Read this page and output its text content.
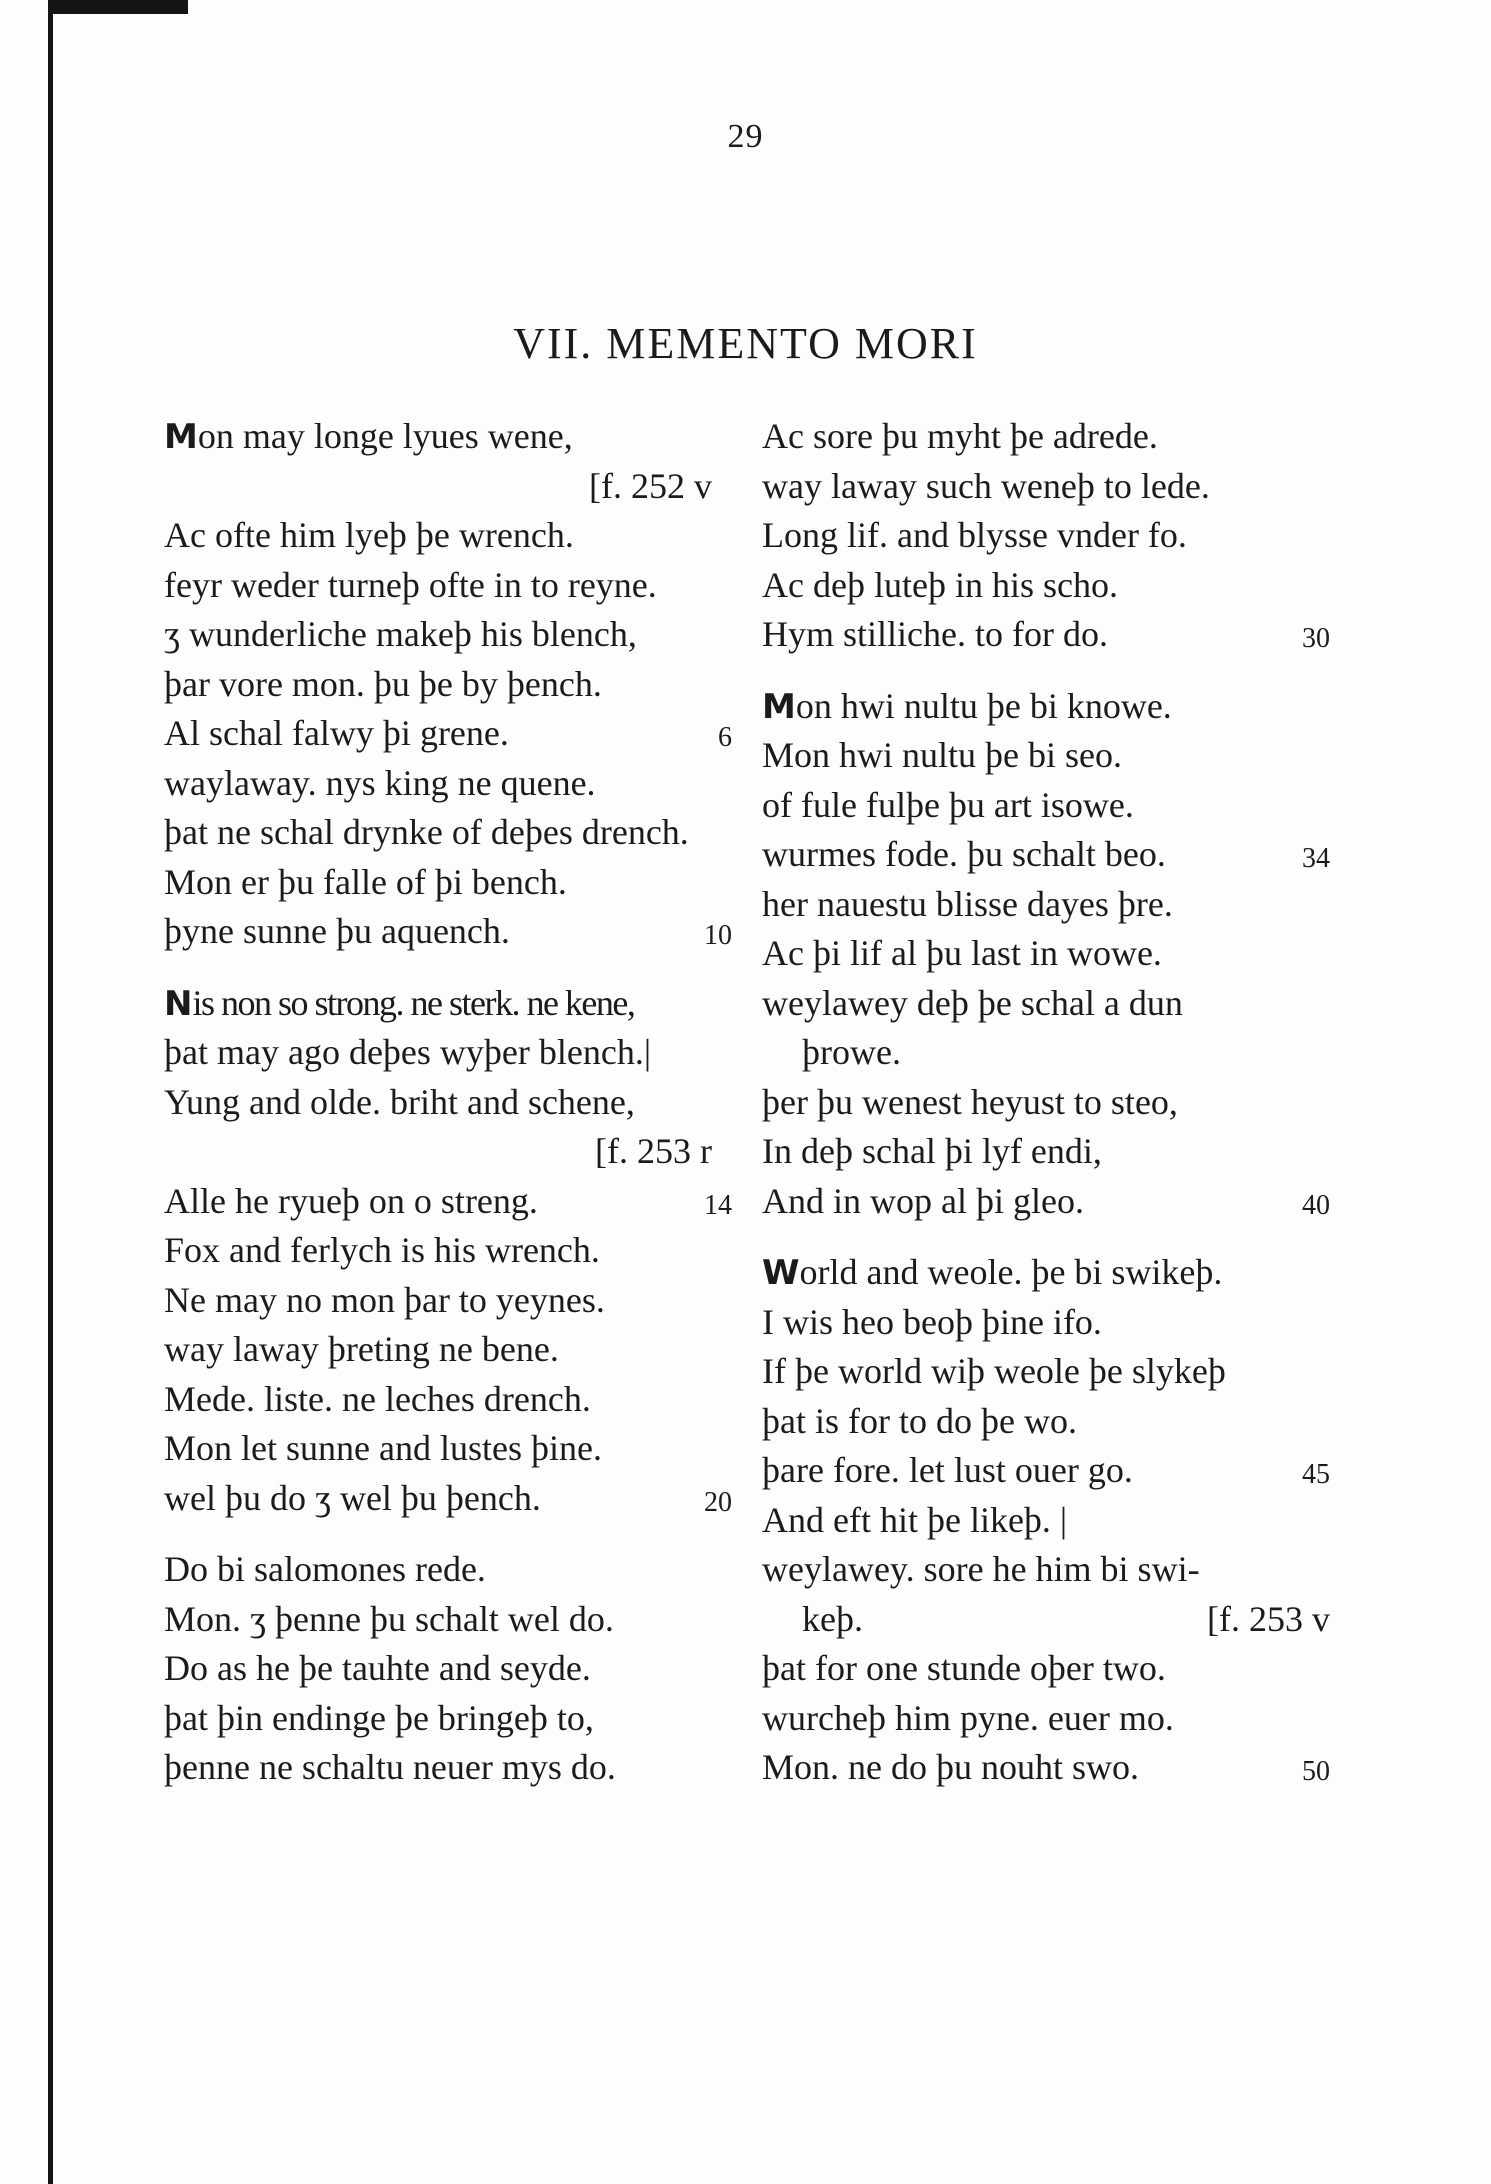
29
VII. MEMENTO MORI
Mon may longe lyues wene,
[f. 252 v
Ac ofte him lyeþ þe wrench.
feyr weder turneþ ofte in to reyne.
ʒ wunderliche makeþ his blench,
þar vore mon. þu þe by þench.
Al schal falwy þi grene.	6
waylaway. nys king ne quene.
þat ne schal drynke of deþes drench.
Mon er þu falle of þi bench.
þyne sunne þu aquench.	10
Nis non so strong. ne sterk. ne kene,
þat may ago deþes wyþer blench.|
Yung and olde. briht and schene,
[f. 253 r
Alle he ryueþ on o streng.	14
Fox and ferlych is his wrench.
Ne may no mon þar to yeynes.
way laway þreting ne bene.
Mede. liste. ne leches drench.
Mon let sunne and lustes þine.
wel þu do ʒ wel þu þench.	20
Do bi salomones rede.
Mon. ʒ þenne þu schalt wel do.
Do as he þe tauhte and seyde.
þat þin endinge þe bringeþ to,
þenne ne schaltu neuer mys do.
Ac sore þu myht þe adrede.
way laway such weneþ to lede.
Long lif. and blysse vnder fo.
Ac deþ luteþ in his scho.
Hym stilliche. to for do.	30
Mon hwi nultu þe bi knowe.
Mon hwi nultu þe bi seo.
of fule fulþe þu art isowe.
wurmes fode. þu schalt beo.	34
her nauestu blisse dayes þre.
Ac þi lif al þu last in wowe.
weylawey deþ þe schal a dun
þrowe.
þer þu wenest heyust to steo,
In deþ schal þi lyf endi,
And in wop al þi gleo.	40
World and weole. þe bi swikeþ.
I wis heo beoþ þine ifo.
If þe world wiþ weole þe slykeþ
þat is for to do þe wo.
þare fore. let lust ouer go.	45
And eft hit þe likeþ. |
weylawey. sore he him bi swi-
keþ.	[f. 253 v
þat for one stunde oþer two.
wurcheþ him pyne. euer mo.
Mon. ne do þu nouht swo.	50
